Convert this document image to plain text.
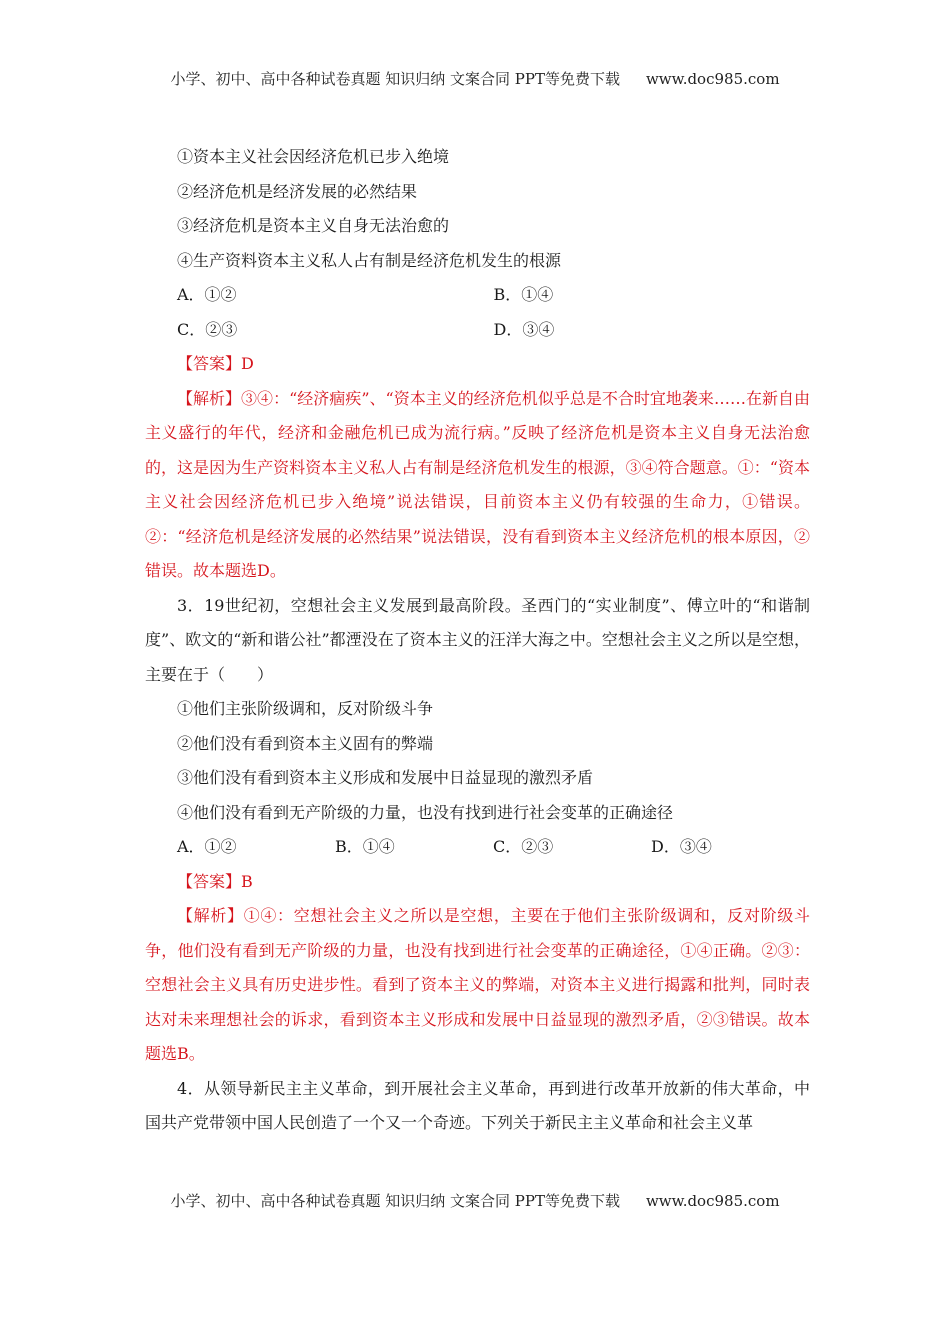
小学、初中、高中各种试卷真题 知识归纳 文案合同 PPT等免费下载 www.doc985.com
①资本主义社会因经济危机已步入绝境
②经济危机是经济发展的必然结果
③经济危机是资本主义自身无法治愈的
④生产资料资本主义私人占有制是经济危机发生的根源
A．①②	B．①④
C．②③	D．③④
【答案】D
【解析】③④：“经济痼疾”、“资本主义的经济危机似乎总是不合时宜地袭来……在新自由主义盛行的年代，经济和金融危机已成为流行病。”反映了经济危机是资本主义自身无法治愈的，这是因为生产资料资本主义私人占有制是经济危机发生的根源，③④符合题意。①：“资本主义社会因经济危机已步入绝境”说法错误，目前资本主义仍有较强的生命力，①错误。②：“经济危机是经济发展的必然结果”说法错误，没有看到资本主义经济危机的根本原因，②错误。故本题选D。
3．19世纪初，空想社会主义发展到最高阶段。圣西门的“实业制度”、傅立叶的“和谐制度”、欧文的“新和谐公社”都湮没在了资本主义的汪洋大海之中。空想社会主义之所以是空想，主要在于（　　）
①他们主张阶级调和，反对阶级斗争
②他们没有看到资本主义固有的弊端
③他们没有看到资本主义形成和发展中日益显现的激烈矛盾
④他们没有看到无产阶级的力量，也没有找到进行社会变革的正确途径
A．①②	B．①④	C．②③	D．③④
【答案】B
【解析】①④：空想社会主义之所以是空想，主要在于他们主张阶级调和，反对阶级斗争，他们没有看到无产阶级的力量，也没有找到进行社会变革的正确途径，①④正确。②③：空想社会主义具有历史进步性。看到了资本主义的弊端，对资本主义进行揭露和批判，同时表达对未来理想社会的诉求，看到资本主义形成和发展中日益显现的激烈矛盾，②③错误。故本题选B。
4．从领导新民主主义革命，到开展社会主义革命，再到进行改革开放新的伟大革命，中国共产党带领中国人民创造了一个又一个奇迹。下列关于新民主主义革命和社会主义革
小学、初中、高中各种试卷真题 知识归纳 文案合同 PPT等免费下载 www.doc985.com
